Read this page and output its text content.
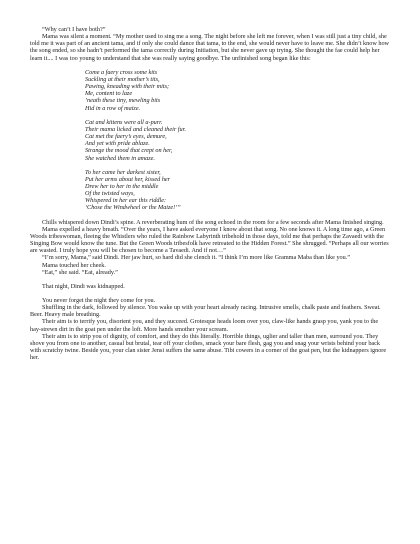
“Why can’t I have both?”

Mama was silent a moment. “My mother used to sing me a song. The night before she left me forever, when I was still just a tiny child, she told me it was part of an ancient tama, and if only she could dance that tama, to the end, she would never have to leave me. She didn’t know how the song ended, so she hadn’t performed the tama correctly during Initiation, but she never gave up trying. She thought the fae could help her learn it.... I was too young to understand that she was really saying goodbye. The unfinished song began like this:

Come a faery cross some kits
Suckling at their mother’s tits,
Pawing, kneading with their mits;
Me, content to laze
’neath these tiny, mewling bits
Hid in a row of maize.
Cat and kittens were all a-purr.
Their mama licked and cleaned their fur.
Cat met the faery’s eyes, demure,
And yet with pride ablaze.
Strange the mood that crept on her,
She watched them in amaze.
To her came her darkest sister,
Put her arms about her, kissed her
Drew her to her in the middle
Of the twisted ways,
Whispered in her ear this riddle:
‘Chose the Windwheel or the Maize!’”

Chills whispered down Dindi’s spine. A reverberating hum of the song echoed in the room for a few seconds after Mama finished singing.

Mama expelled a heavy breath. “Over the years, I have asked everyone I know about that song. No one knows it. A long time ago, a Green Woods tribeswoman, fleeing the Whistlers who ruled the Rainbow Labyrinth tribehold in those days, told me that perhaps the Zavaedi with the Singing Bow would know the tune. But the Green Woods tribesfolk have retreated to the Hidden Forest.” She shrugged. “Perhaps all our worries are wasted. I truly hope you will be chosen to become a Tavaedi. And if not…”

“I’m sorry, Mama,” said Dindi. Her jaw hurt, so hard did she clench it. “I think I’m more like Gramma Maba than like you.”

Mama touched her cheek.

“Eat,” she said. “Eat, already.”

That night, Dindi was kidnapped.

You never forget the night they come for you.

Shuffling in the dark, followed by silence. You wake up with your heart already racing. Intrusive smells, chalk paste and feathers. Sweat. Beer. Heavy male breathing.

Their aim is to terrify you, disorient you, and they succeed. Grotesque heads loom over you, claw-like hands grasp you, yank you to the hay-strewn dirt in the goat pen under the loft. More hands smother your scream.

Their aim is to strip you of dignity, of comfort, and they do this literally. Horrible things, uglier and taller than men, surround you. They shove you from one to another, casual but brutal, tear off your clothes, smack your bare flesh, gag you and snag your wrists behind your back with scratchy twine. Beside you, your clan sister Jensi suffers the same abuse. Tibi cowers in a corner of the goat pen, but the kidnappers ignore her.
